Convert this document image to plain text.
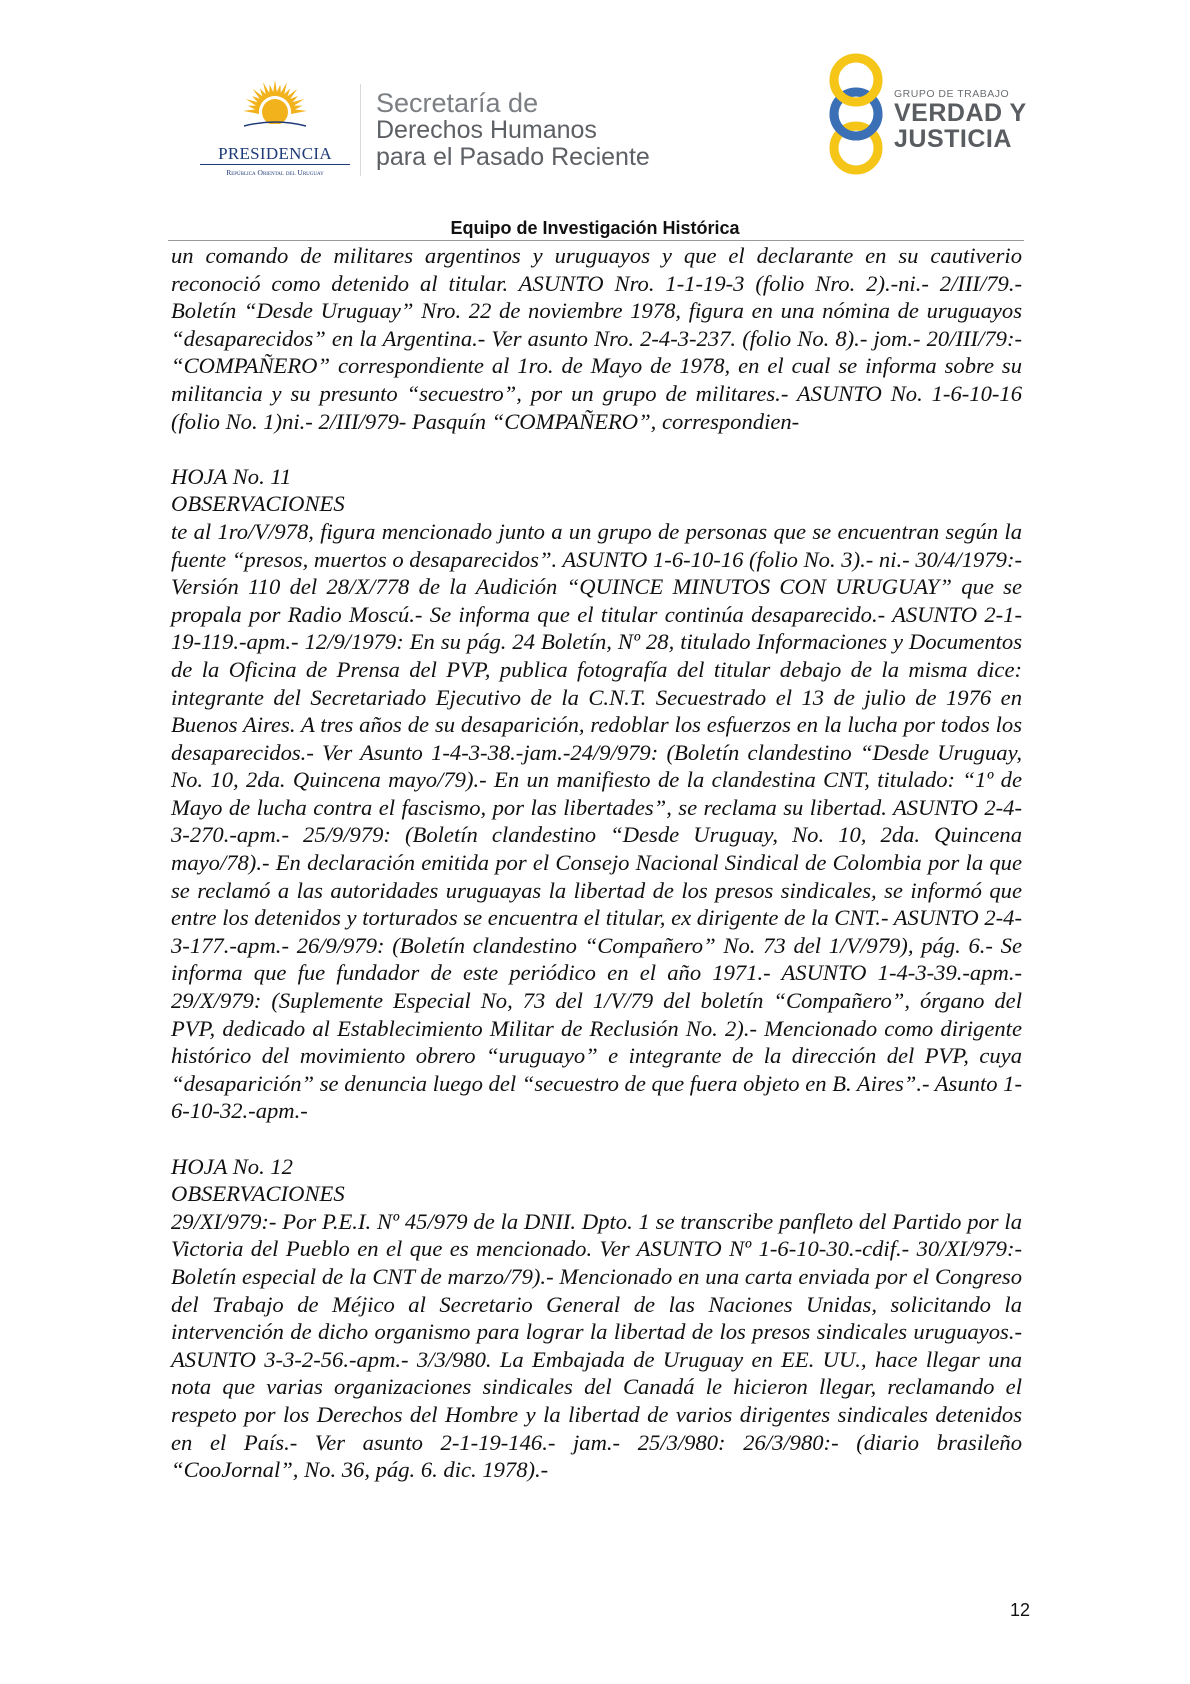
PRESIDENCIA
República Oriental del Uruguay
Secretaría de
Derechos Humanos
para el Pasado Reciente
GRUPO DE TRABAJO
VERDAD Y
JUSTICIA
Equipo de Investigación Histórica

un comando de militares argentinos y uruguayos y que el declarante en su cautiverio reconoció como detenido al titular. ASUNTO Nro. 1-1-19-3 (folio Nro. 2).-ni.- 2/III/79.- Boletín “Desde Uruguay” Nro. 22 de noviembre 1978, figura en una nómina de uruguayos “desaparecidos” en la Argentina.- Ver asunto Nro. 2-4-3-237. (folio No. 8).- jom.- 20/III/79:- “COMPAÑERO” correspondiente al 1ro. de Mayo de 1978, en el cual se informa sobre su militancia y su presunto “secuestro”, por un grupo de militares.- ASUNTO No. 1-6-10-16 (folio No. 1)ni.- 2/III/979- Pasquín “COMPAÑERO”, correspondien-

HOJA No. 11

OBSERVACIONES

te al 1ro/V/978, figura mencionado junto a un grupo de personas que se encuentran según la fuente “presos, muertos o desaparecidos”. ASUNTO 1-6-10-16 (folio No. 3).- ni.- 30/4/1979:- Versión 110 del 28/X/778 de la Audición “QUINCE MINUTOS CON URUGUAY” que se propala por Radio Moscú.- Se informa que el titular continúa desaparecido.- ASUNTO 2-1-19-119.-apm.- 12/9/1979: En su pág. 24 Boletín, Nº 28, titulado Informaciones y Documentos de la Oficina de Prensa del PVP, publica fotografía del titular debajo de la misma dice: integrante del Secretariado Ejecutivo de la C.N.T. Secuestrado el 13 de julio de 1976 en Buenos Aires. A tres años de su desaparición, redoblar los esfuerzos en la lucha por todos los desaparecidos.- Ver Asunto 1-4-3-38.-jam.-24/9/979: (Boletín clandestino “Desde Uruguay, No. 10, 2da. Quincena mayo/79).- En un manifiesto de la clandestina CNT, titulado: “1º de Mayo de lucha contra el fascismo, por las libertades”, se reclama su libertad. ASUNTO 2-4-3-270.-apm.- 25/9/979: (Boletín clandestino “Desde Uruguay, No. 10, 2da. Quincena mayo/78).- En declaración emitida por el Consejo Nacional Sindical de Colombia por la que se reclamó a las autoridades uruguayas la libertad de los presos sindicales, se informó que entre los detenidos y torturados se encuentra el titular, ex dirigente de la CNT.- ASUNTO 2-4-3-177.-apm.- 26/9/979: (Boletín clandestino “Compañero” No. 73 del 1/V/979), pág. 6.- Se informa que fue fundador de este periódico en el año 1971.- ASUNTO 1-4-3-39.-apm.- 29/X/979: (Suplemente Especial No, 73 del 1/V/79 del boletín “Compañero”, órgano del PVP, dedicado al Establecimiento Militar de Reclusión No. 2).- Mencionado como dirigente histórico del movimiento obrero “uruguayo” e integrante de la dirección del PVP, cuya “desaparición” se denuncia luego del “secuestro de que fuera objeto en B. Aires”.- Asunto 1-6-10-32.-apm.-

HOJA No. 12

OBSERVACIONES

29/XI/979:- Por P.E.I. Nº 45/979 de la DNII. Dpto. 1 se transcribe panfleto del Partido por la Victoria del Pueblo en el que es mencionado. Ver ASUNTO Nº 1-6-10-30.-cdif.- 30/XI/979:- Boletín especial de la CNT de marzo/79).- Mencionado en una carta enviada por el Congreso del Trabajo de Méjico al Secretario General de las Naciones Unidas, solicitando la intervención de dicho organismo para lograr la libertad de los presos sindicales uruguayos.- ASUNTO 3-3-2-56.-apm.- 3/3/980. La Embajada de Uruguay en EE. UU., hace llegar una nota que varias organizaciones sindicales del Canadá le hicieron llegar, reclamando el respeto por los Derechos del Hombre y la libertad de varios dirigentes sindicales detenidos en el País.- Ver asunto 2-1-19-146.- jam.- 25/3/980: 26/3/980:- (diario brasileño “CooJornal”, No. 36, pág. 6. dic. 1978).-

12
